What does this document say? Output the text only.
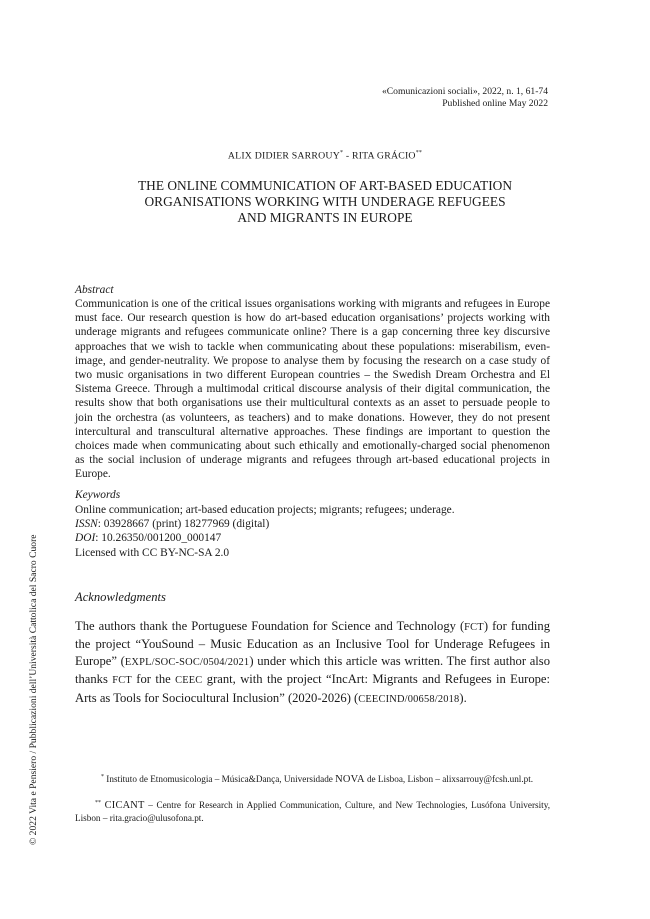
«Comunicazioni sociali», 2022, n. 1, 61-74
Published online May 2022
ALIX DIDIER SARROUY* - RITA GRÁCIO**
THE ONLINE COMMUNICATION OF ART-BASED EDUCATION
ORGANISATIONS WORKING WITH UNDERAGE REFUGEES
AND MIGRANTS IN EUROPE
Abstract
Communication is one of the critical issues organisations working with migrants and refugees in Europe must face. Our research question is how do art-based education organisations’ projects working with underage migrants and refugees communicate online? There is a gap concerning three key discursive approaches that we wish to tackle when communicating about these populations: miserabilism, even-image, and gender-neutrality. We propose to analyse them by focusing the research on a case study of two music organisations in two different European countries – the Swedish Dream Orchestra and El Sistema Greece. Through a multimodal critical discourse analysis of their digital communication, the results show that both organisations use their multicultural contexts as an asset to persuade people to join the orchestra (as volunteers, as teachers) and to make donations. However, they do not present intercultural and transcultural alternative approaches. These findings are important to question the choices made when communicating about such ethically and emotionally-charged social phenomenon as the social inclusion of underage migrants and refugees through art-based educational projects in Europe.
Keywords
Online communication; art-based education projects; migrants; refugees; underage.
ISSN: 03928667 (print) 18277969 (digital)
DOI: 10.26350/001200_000147
Licensed with CC BY-NC-SA 2.0
Acknowledgments
The authors thank the Portuguese Foundation for Science and Technology (FCT) for funding the project “YouSound – Music Education as an Inclusive Tool for Underage Refugees in Europe” (EXPL/SOC-SOC/0504/2021) under which this article was written. The first author also thanks FCT for the CEEC grant, with the project “IncArt: Migrants and Refugees in Europe: Arts as Tools for Sociocultural Inclusion” (2020-2026) (CEECIND/00658/2018).
* Instituto de Etnomusicologia – Música&Dança, Universidade NOVA de Lisboa, Lisbon – alixsarrouy@fcsh.unl.pt.
** CICANT – Centre for Research in Applied Communication, Culture, and New Technologies, Lusófona University, Lisbon – rita.gracio@ulusofona.pt.
© 2022 Vita e Pensiero / Pubblicazioni dell’Università Cattolica del Sacro Cuore
